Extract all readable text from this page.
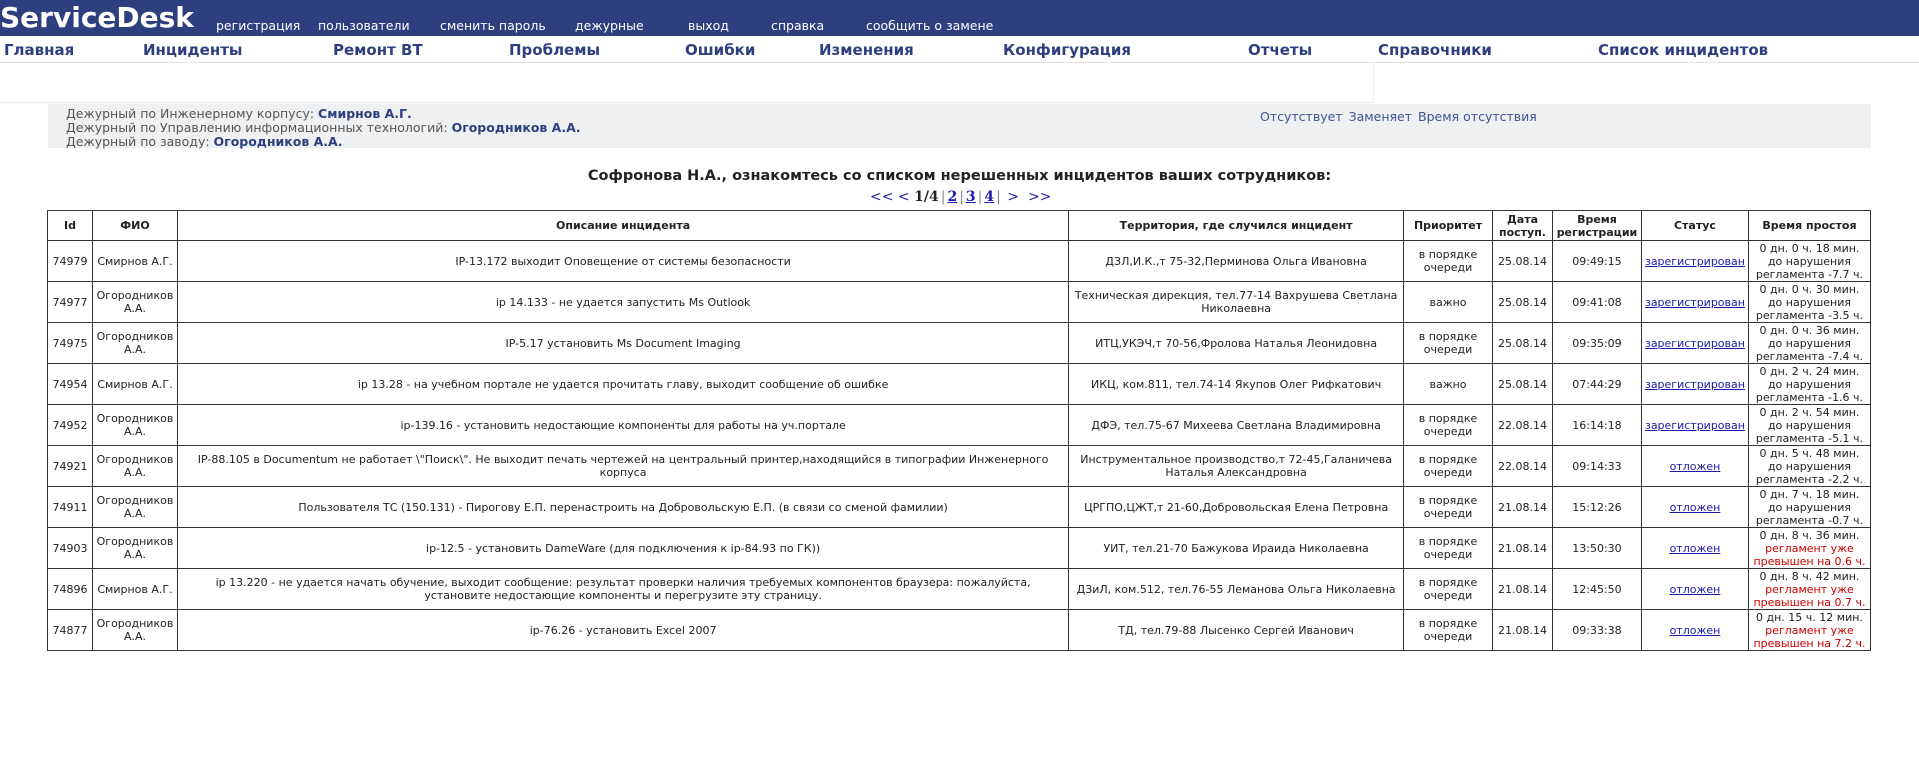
ServiceDesk регистрация пользователи сменить пароль дежурные	выход	справка	сообщить о замене
Главная	Инциденты	Ремонт ВТ	Проблемы	Ошибки	Изменения	Конфигурация	Отчеты	Справочники	Список инцидентов
Дежурный по Инженерному корпусу: Смирнов А.Г.
Дежурный по Управлению информационных технологий: Огородников А.А.
Дежурный по заводу: Огородников А.А.
Отсутствует Заменяет Время отсутствия
Софронова Н.А., ознакомтесь со списком нерешенных инцидентов ваших сотрудников:
<< < 1/4 | 2 | 3 | 4 | > >>
Id	ФИО	Описание инцидента	Территория, где случился инцидент	Приоритет	Дата поступ.	Время регистрации	Статус	Время простоя
74979	Смирнов А.Г.	IP-13.172 выходит Оповещение от системы безопасности	ДЗЛ,И.К.,т 75-32,Перминова Ольга Ивановна	в порядке очереди	25.08.14	09:49:15	зарегистрирован	0 дн. 0 ч. 18 мин.
до нарушения регламента -7.7 ч.

74977	Огородников А.А.	ip 14.133 - не удается запустить Ms Outlook	Техническая дирекция, тел.77-14 Вахрушева Светлана Николаевна	важно	25.08.14	09:41:08	зарегистрирован	0 дн. 0 ч. 30 мин.
до нарушения регламента -3.5 ч.

74975	Огородников А.А.	IP-5.17 установить Ms Document Imaging	ИТЦ,УКЭЧ,т 70-56,Фролова Наталья Леонидовна	в порядке очереди	25.08.14	09:35:09	зарегистрирован	0 дн. 0 ч. 36 мин.
до нарушения регламента -7.4 ч.

74954	Смирнов А.Г.	ip 13.28 - на учебном портале не удается прочитать главу, выходит сообщение об ошибке	ИКЦ, ком.811, тел.74-14 Якупов Олег Рифкатович	важно	25.08.14	07:44:29	зарегистрирован	0 дн. 2 ч. 24 мин.
до нарушения регламента -1.6 ч.

74952	Огородников А.А.	ip-139.16 - установить недостающие компоненты для работы на уч.портале	ДФЭ, тел.75-67 Михеева Светлана Владимировна	в порядке очереди	22.08.14	16:14:18	зарегистрирован	0 дн. 2 ч. 54 мин.
до нарушения регламента -5.1 ч.

74921	Огородников А.А.	IP-88.105 в Documentum не работает \"Поиск\". Не выходит печать чертежей на центральный принтер,находящийся в типографии Инженерного корпуса	Инструментальное производство,т 72-45,Галаничева Наталья Александровна	в порядке очереди	22.08.14	09:14:33	отложен	0 дн. 5 ч. 48 мин.
до нарушения регламента -2.2 ч.

74911	Огородников А.А.	Пользователя ТС (150.131) - Пирогову Е.П. перенастроить на Добровольскую Е.П. (в связи со сменой фамилии)	ЦРГПО,ЦЖТ,т 21-60,Добровольская Елена Петровна	в порядке очереди	21.08.14	15:12:26	отложен	0 дн. 7 ч. 18 мин.
до нарушения регламента -0.7 ч.

74903	Огородников А.А.	ip-12.5 - установить DameWare (для подключения к ip-84.93 по ГК))	УИТ, тел.21-70 Бажукова Ираида Николаевна	в порядке очереди	21.08.14	13:50:30	отложен	0 дн. 8 ч. 36 мин.
регламент уже превышен на 0.6 ч.

74896	Смирнов А.Г.	ip 13.220 - не удается начать обучение, выходит сообщение: результат проверки наличия требуемых компонентов браузера: пожалуйста, установите недостающие компоненты и перегрузите эту страницу.	ДЗиЛ, ком.512, тел.76-55 Леманова Ольга Николаевна	в порядке очереди	21.08.14	12:45:50	отложен	0 дн. 8 ч. 42 мин.
регламент уже превышен на 0.7 ч.

74877	Огородников А.А.	ip-76.26 - установить Excel 2007	ТД, тел.79-88 Лысенко Сергей Иванович	в порядке очереди	21.08.14	09:33:38	отложен	0 дн. 15 ч. 12 мин.
регламент уже превышен на 7.2 ч.
